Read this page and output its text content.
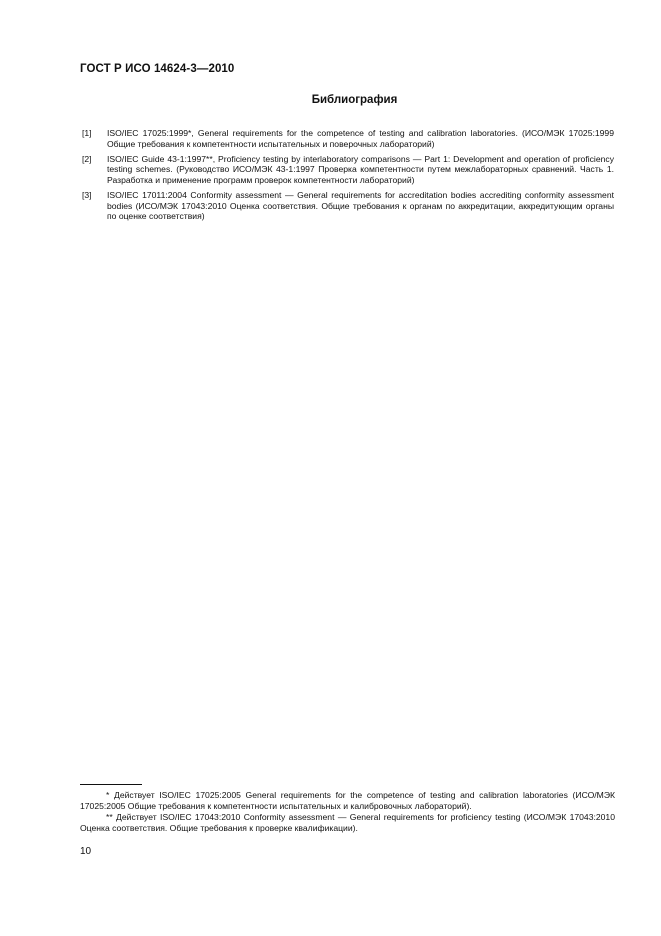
ГОСТ Р ИСО 14624-3—2010
Библиография
[1]	ISO/IEC 17025:1999*, General requirements for the competence of testing and calibration laboratories. (ИСО/МЭК 17025:1999 Общие требования к компетентности испытательных и поверочных лабораторий)
[2]	ISO/IEC Guide 43-1:1997**, Proficiency testing by interlaboratory comparisons — Part 1: Development and operation of proficiency testing schemes. (Руководство ИСО/МЭК 43-1:1997 Проверка компетентности путем межлабораторных сравнений. Часть 1. Разработка и применение программ проверок компетентности лабораторий)
[3]	ISO/IEC 17011:2004 Conformity assessment — General requirements for accreditation bodies accrediting conformity assessment bodies (ИСО/МЭК 17043:2010 Оценка соответствия. Общие требования к органам по аккредитации, аккредитующим органы по оценке соответствия)
* Действует ISO/IEC 17025:2005 General requirements for the competence of testing and calibration laboratories (ИСО/МЭК 17025:2005 Общие требования к компетентности испытательных и калибровочных лабораторий).
** Действует ISO/IEC 17043:2010 Conformity assessment — General requirements for proficiency testing (ИСО/МЭК 17043:2010 Оценка соответствия. Общие требования к проверке квалификации).
10
